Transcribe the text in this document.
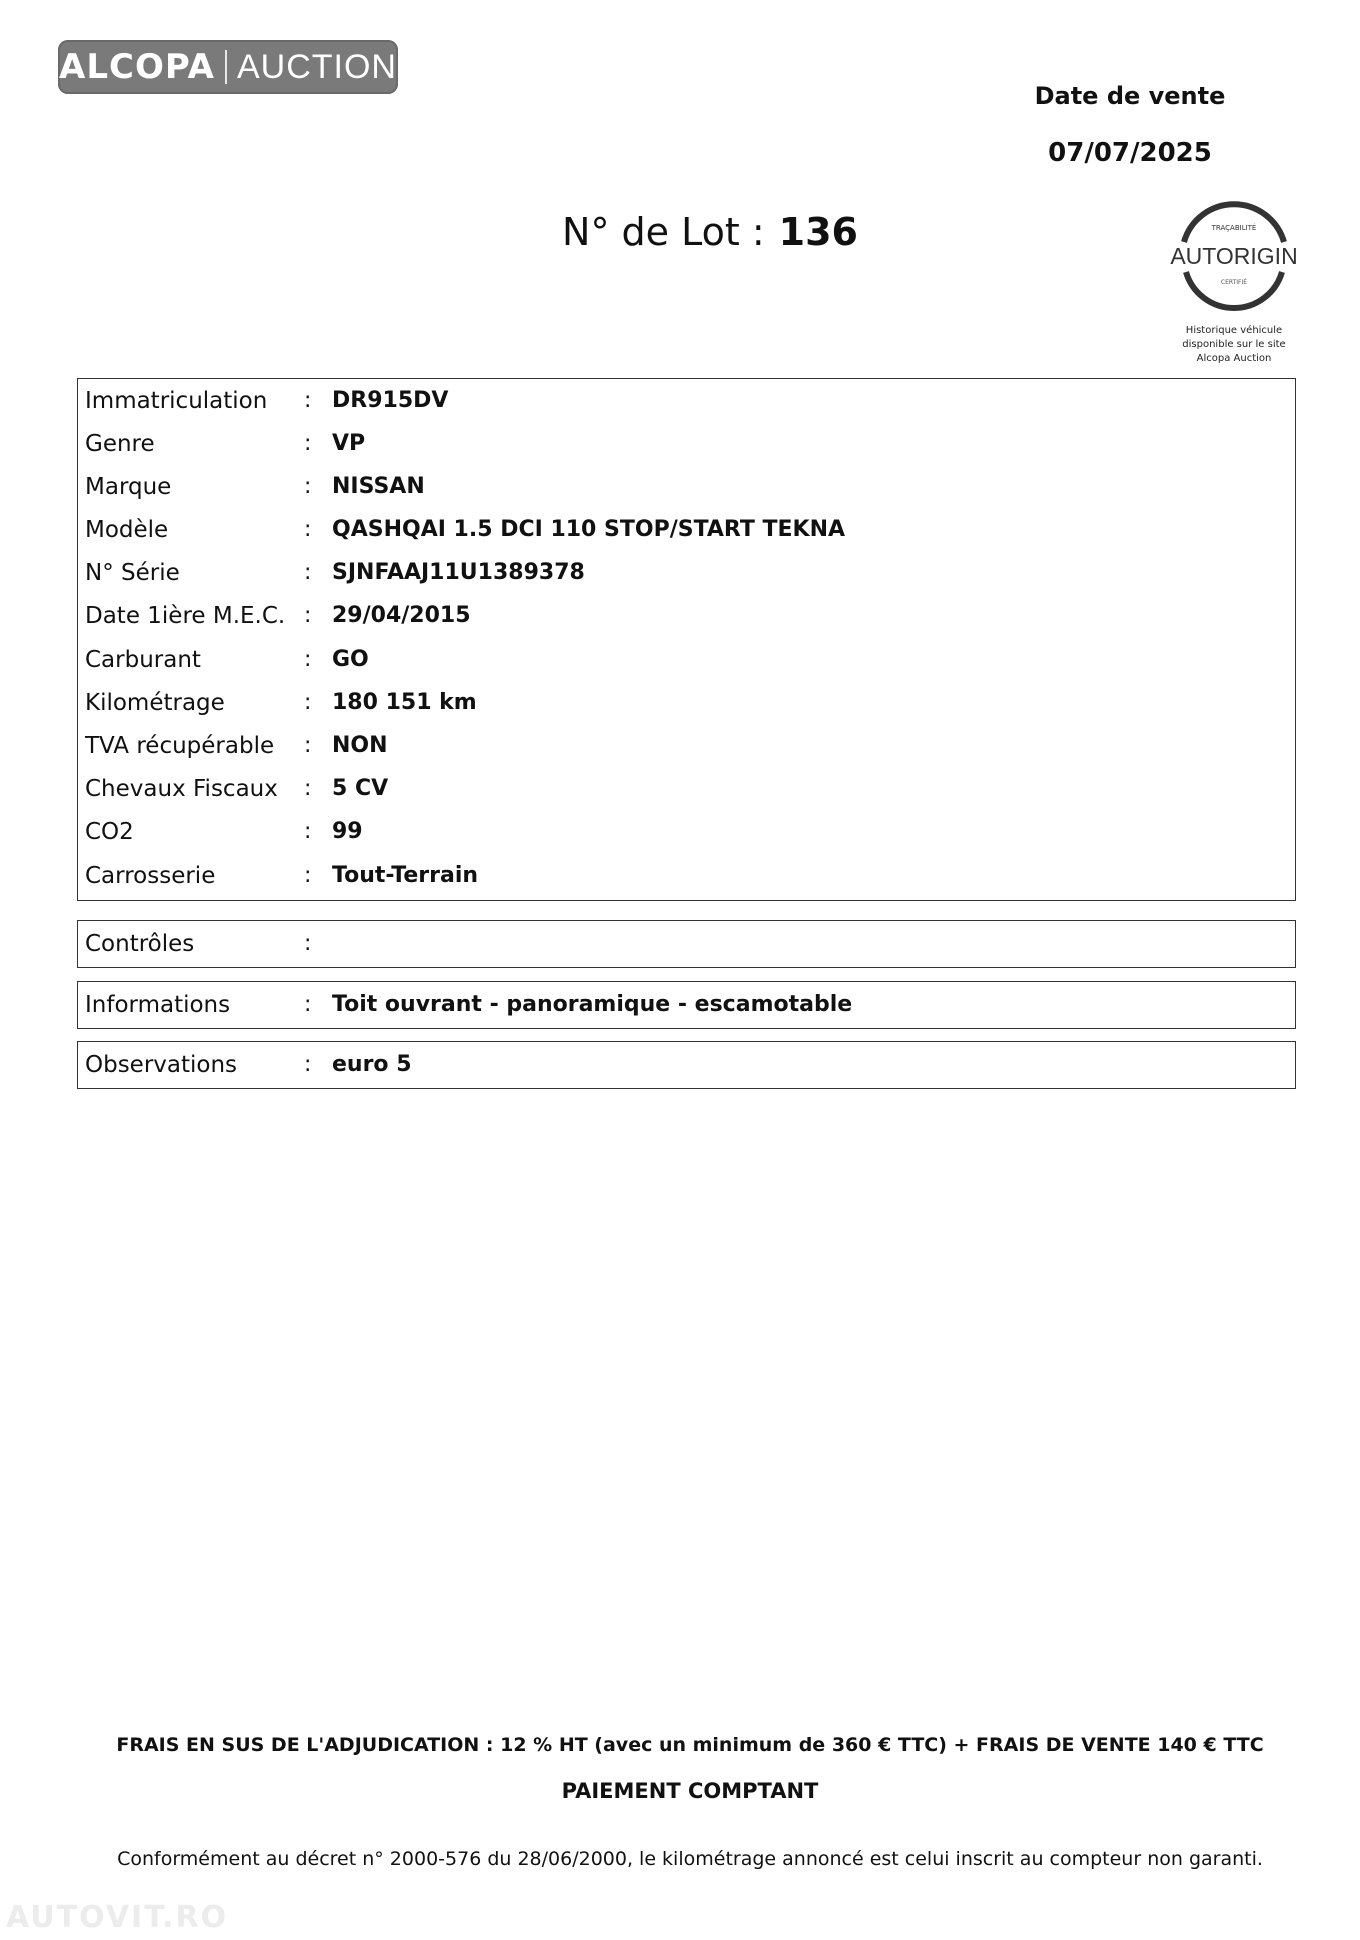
ALCOPA AUCTION
Date de vente
07/07/2025
N° de Lot : 136	TRAÇABILITÉ
AUTORIGIN
CERTIFIÉ
Historique véhicule
disponible sur le site
Alcopa Auction
Immatriculation : DR915DV
Genre	: VP
Marque	: NISSAN
Modèle	: QASHQAI 1.5 DCI 110 STOP/START TEKNA
N° Série	: SJNFAAJ11U1389378
Date 1ière M.E.C. : 29/04/2015
Carburant	: GO
Kilométrage	: 180 151 km
TVA récupérable : NON
Chevaux Fiscaux : 5 CV
CO2	: 99
Carrosserie	: Tout-Terrain
Contrôles	:
Informations	: Toit ouvrant - panoramique - escamotable
Observations	: euro 5
FRAIS EN SUS DE L'ADJUDICATION : 12 % HT (avec un minimum de 360 € TTC) + FRAIS DE VENTE 140 € TTC
PAIEMENT COMPTANT
Conformément au décret n° 2000-576 du 28/06/2000, le kilométrage annoncé est celui inscrit au compteur non garanti.
AUTOVIT.RO
